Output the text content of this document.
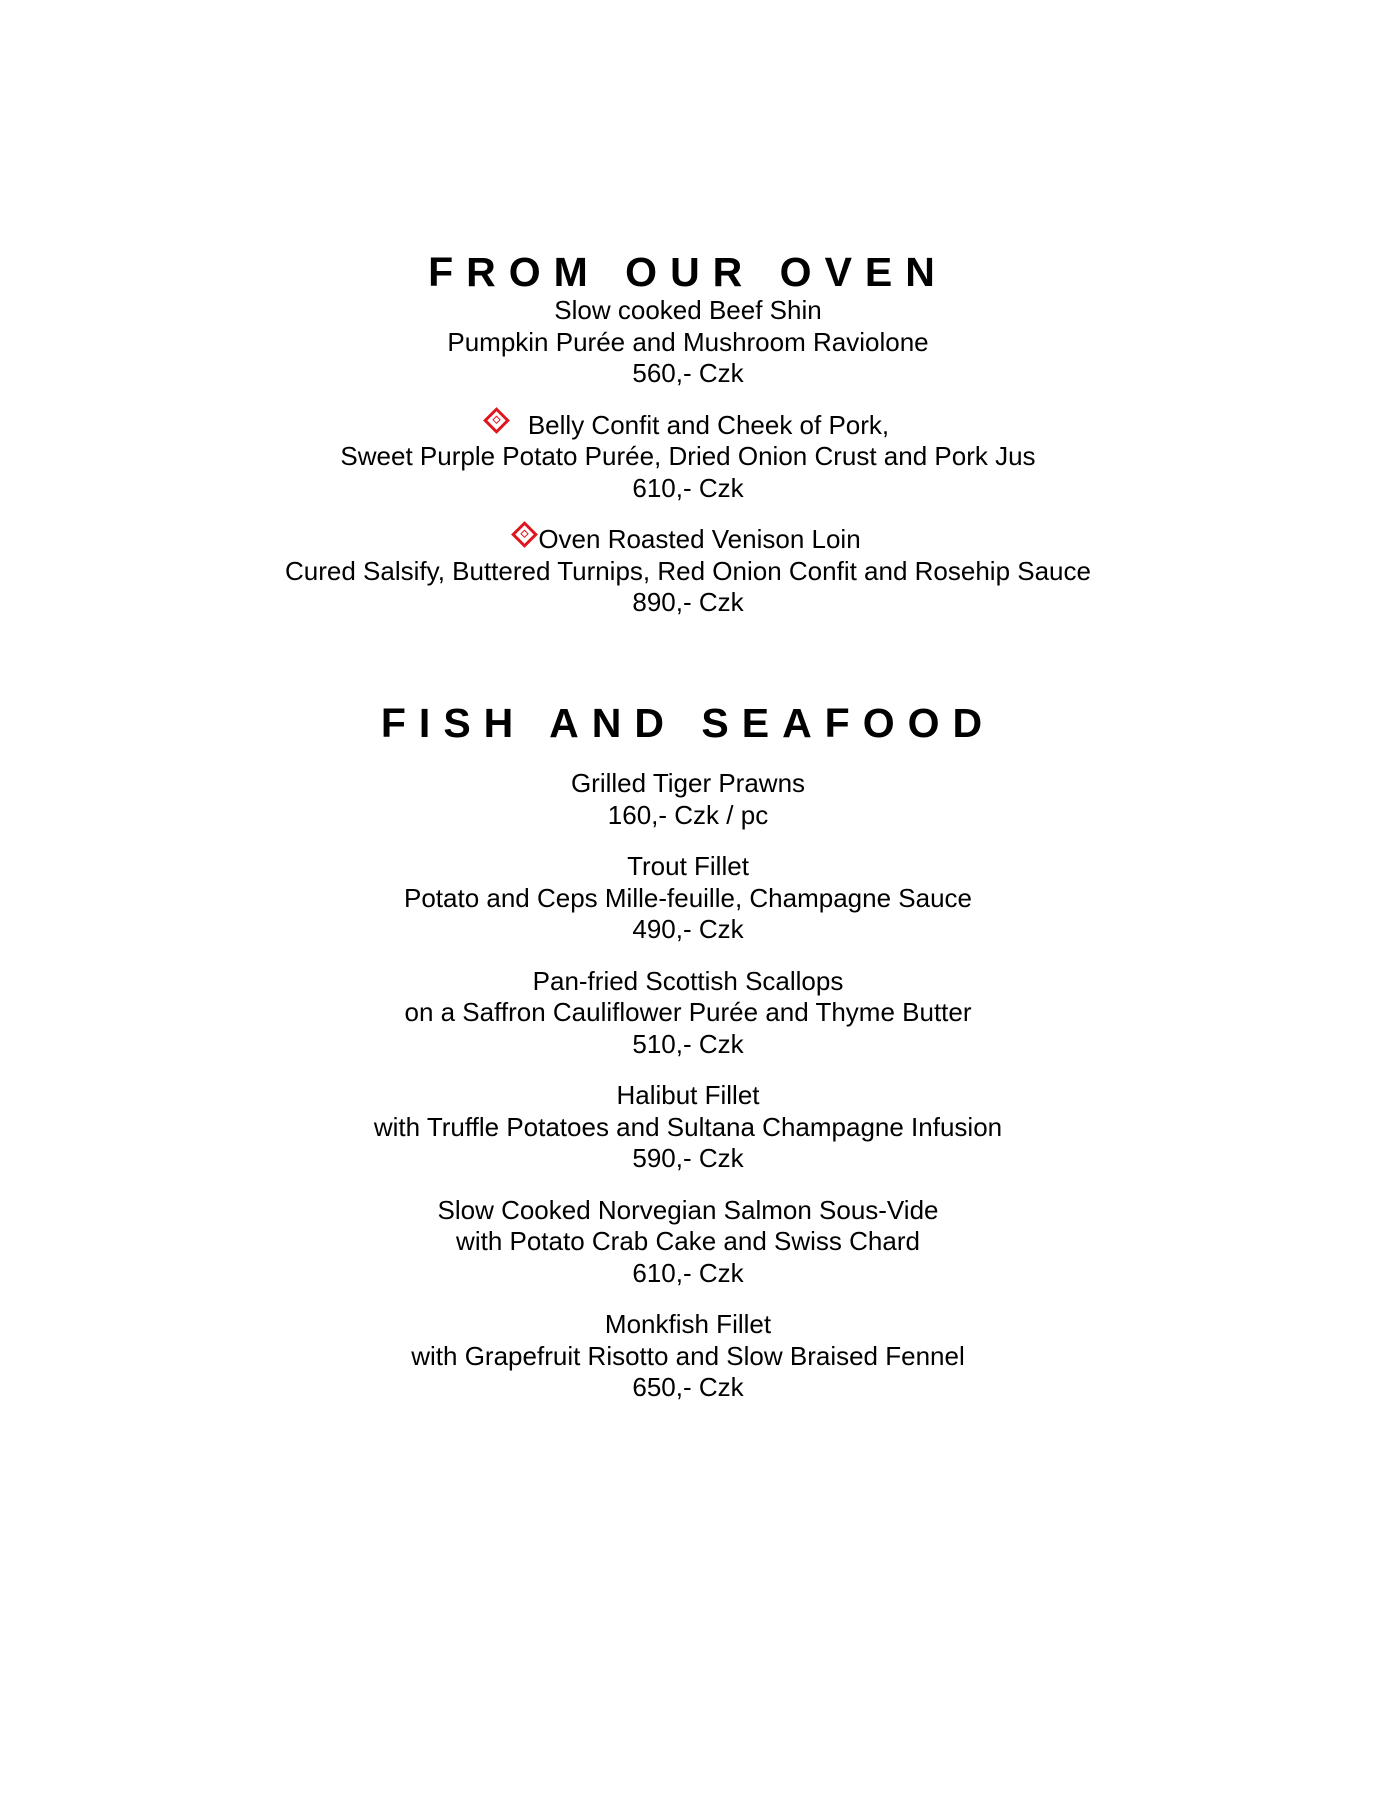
FROM OUR OVEN
Slow cooked Beef Shin
Pumpkin Purée and Mushroom Raviolone
560,- Czk
Belly Confit and Cheek of Pork,
Sweet Purple Potato Purée, Dried Onion Crust and Pork Jus
610,- Czk
Oven Roasted Venison Loin
Cured Salsify, Buttered Turnips, Red Onion Confit and Rosehip Sauce
890,- Czk
FISH AND SEAFOOD
Grilled Tiger Prawns
160,- Czk / pc
Trout Fillet
Potato and Ceps Mille-feuille, Champagne Sauce
490,- Czk
Pan-fried Scottish Scallops
on a Saffron Cauliflower Purée and Thyme Butter
510,- Czk
Halibut Fillet
with Truffle Potatoes and Sultana Champagne Infusion
590,- Czk
Slow Cooked Norvegian Salmon Sous-Vide
with Potato Crab Cake and Swiss Chard
610,- Czk
Monkfish Fillet
with Grapefruit Risotto and Slow Braised Fennel
650,- Czk
